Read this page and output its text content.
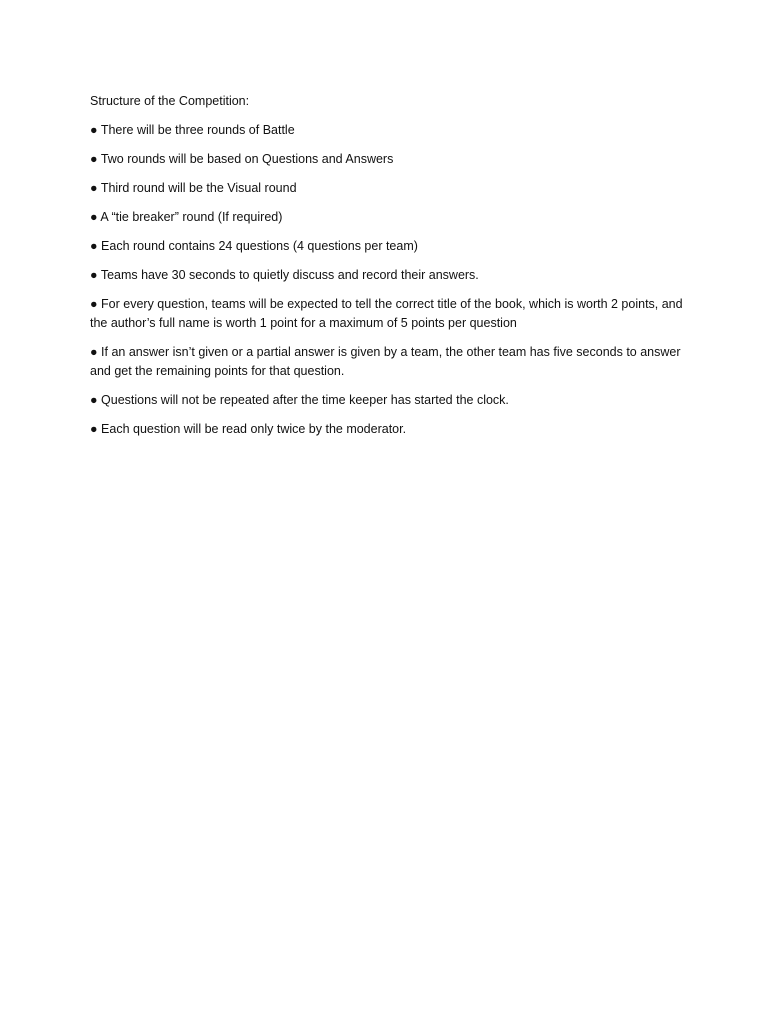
Structure of the Competition:

● There will be three rounds of Battle
● Two rounds will be based on Questions and Answers
● Third round will be the Visual round
● A “tie breaker” round (If required)
● Each round contains 24 questions (4 questions per team)
● Teams have 30 seconds to quietly discuss and record their answers.
● For every question, teams will be expected to tell the correct title of the book, which is worth 2 points, and the author’s full name is worth 1 point for a maximum of 5 points per question
● If an answer isn’t given or a partial answer is given by a team, the other team has five seconds to answer and get the remaining points for that question.
● Questions will not be repeated after the time keeper has started the clock.
● Each question will be read only twice by the moderator.
